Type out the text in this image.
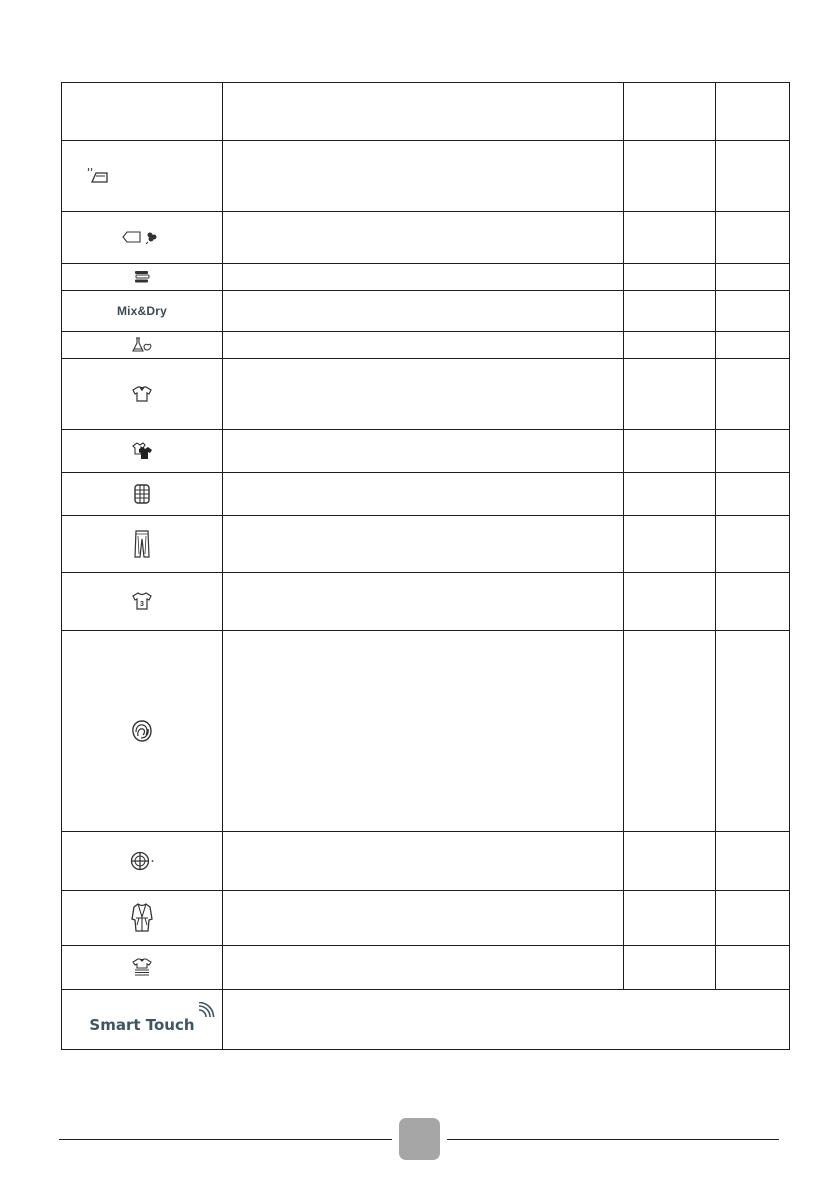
Mix&Dry			

3			

Smart Touch		
